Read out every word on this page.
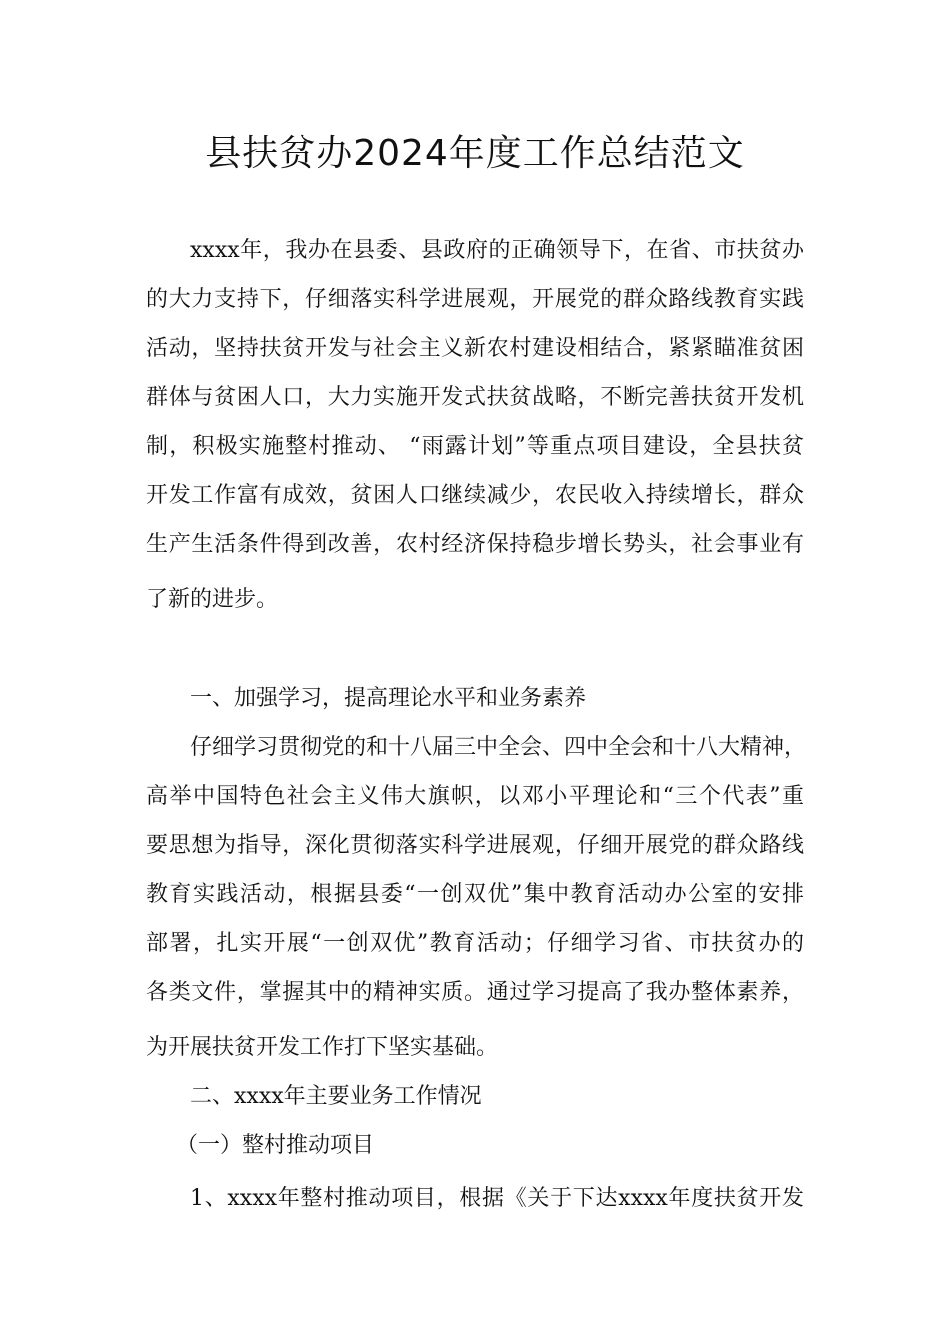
县扶贫办2024年度工作总结范文

xxxx年，我办在县委、县政府的正确领导下，在省、市扶贫办

的大力支持下，仔细落实科学进展观，开展党的群众路线教育实践

活动，坚持扶贫开发与社会主义新农村建设相结合，紧紧瞄准贫困

群体与贫困人口，大力实施开发式扶贫战略，不断完善扶贫开发机

制，积极实施整村推动、 “雨露计划”等重点项目建设，全县扶贫

开发工作富有成效，贫困人口继续减少，农民收入持续增长，群众

生产生活条件得到改善，农村经济保持稳步增长势头，社会事业有

了新的进步。

一、加强学习，提高理论水平和业务素养

仔细学习贯彻党的和十八届三中全会、四中全会和十八大精神，

高举中国特色社会主义伟大旗帜，以邓小平理论和“三个代表”重

要思想为指导，深化贯彻落实科学进展观，仔细开展党的群众路线

教育实践活动，根据县委“一创双优”集中教育活动办公室的安排

部署，扎实开展“一创双优”教育活动；仔细学习省、市扶贫办的

各类文件，掌握其中的精神实质。通过学习提高了我办整体素养，

为开展扶贫开发工作打下坚实基础。

二、xxxx年主要业务工作情况

（一）整村推动项目

1、xxxx年整村推动项目，根据《关于下达xxxx年度扶贫开发
